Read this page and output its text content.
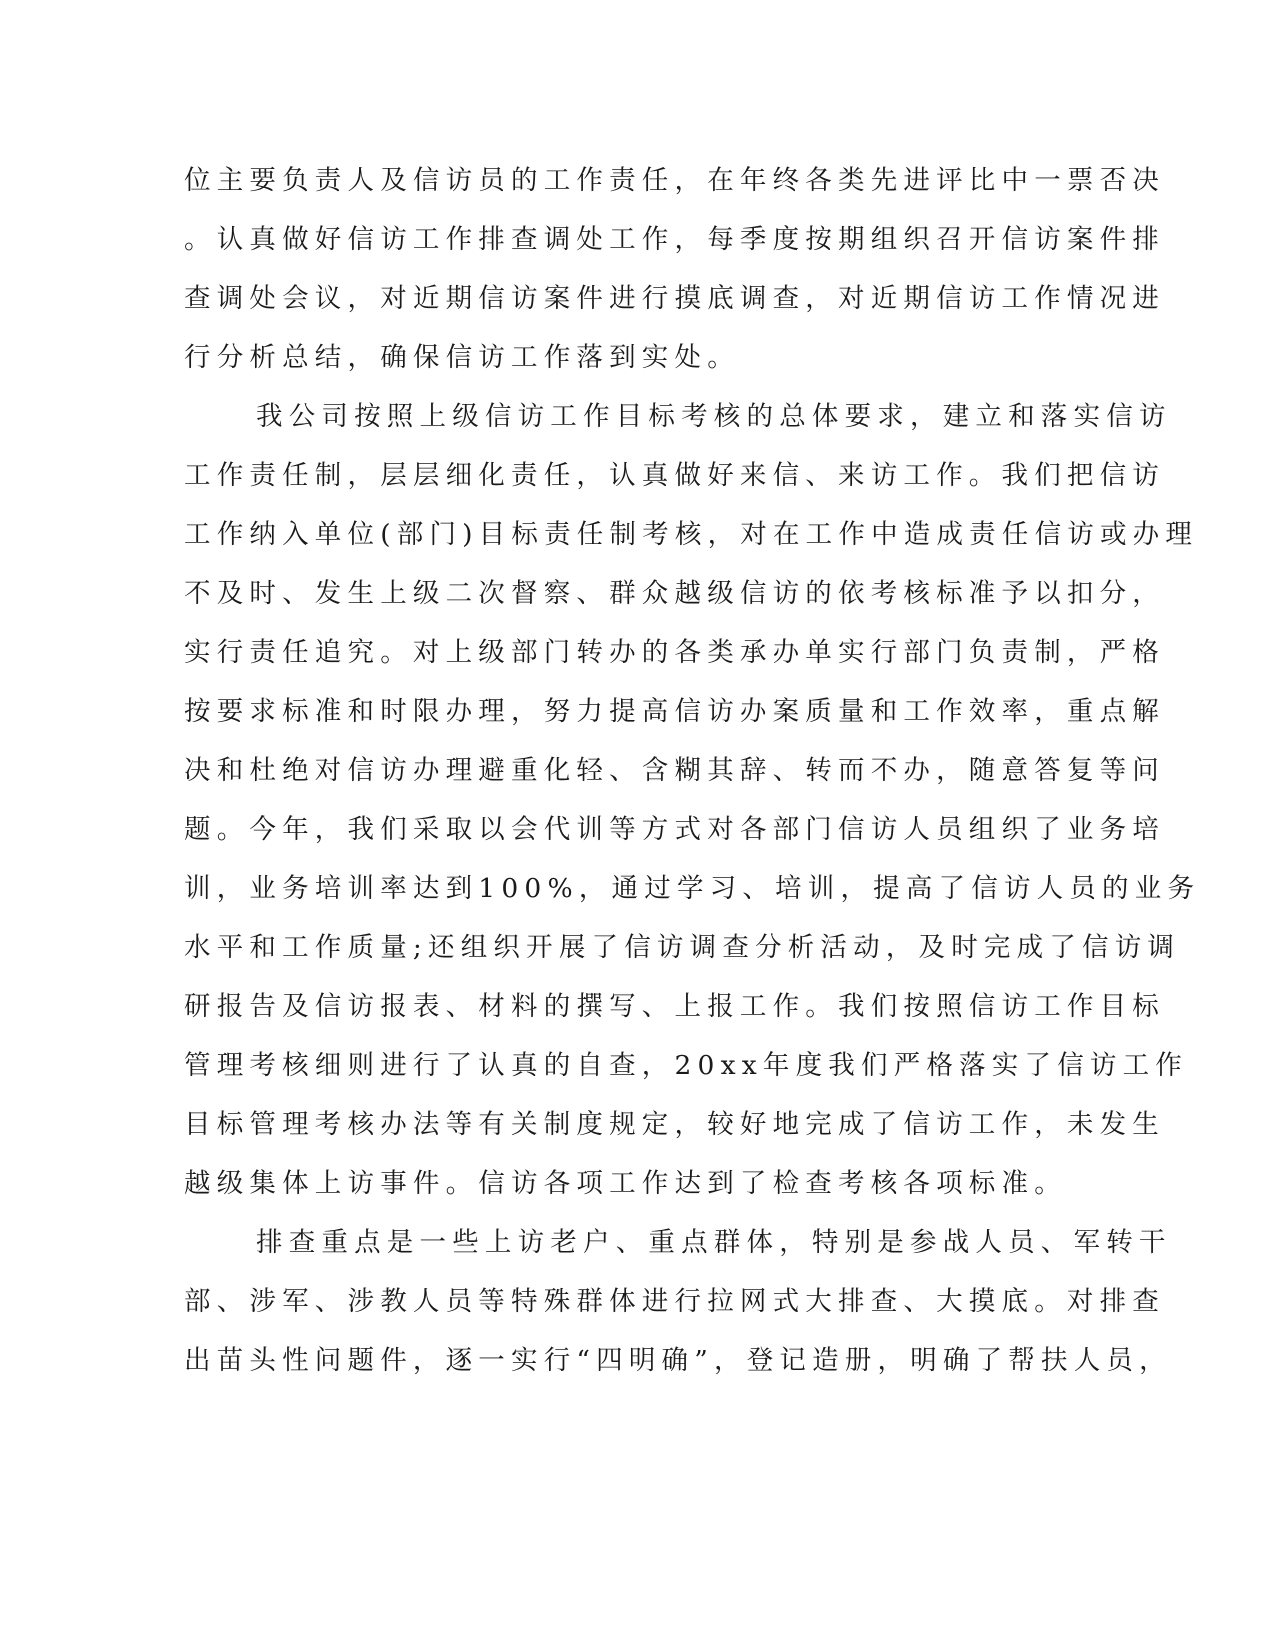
位主要负责人及信访员的工作责任，在年终各类先进评比中一票否决

。认真做好信访工作排查调处工作，每季度按期组织召开信访案件排

查调处会议，对近期信访案件进行摸底调查，对近期信访工作情况进

行分析总结，确保信访工作落到实处。

我公司按照上级信访工作目标考核的总体要求，建立和落实信访

工作责任制，层层细化责任，认真做好来信、来访工作。我们把信访

工作纳入单位(部门)目标责任制考核，对在工作中造成责任信访或办理

不及时、发生上级二次督察、群众越级信访的依考核标准予以扣分，

实行责任追究。对上级部门转办的各类承办单实行部门负责制，严格

按要求标准和时限办理，努力提高信访办案质量和工作效率，重点解

决和杜绝对信访办理避重化轻、含糊其辞、转而不办，随意答复等问

题。今年，我们采取以会代训等方式对各部门信访人员组织了业务培

训，业务培训率达到100%，通过学习、培训，提高了信访人员的业务

水平和工作质量;还组织开展了信访调查分析活动，及时完成了信访调

研报告及信访报表、材料的撰写、上报工作。我们按照信访工作目标

管理考核细则进行了认真的自查，20xx年度我们严格落实了信访工作

目标管理考核办法等有关制度规定，较好地完成了信访工作，未发生

越级集体上访事件。信访各项工作达到了检查考核各项标准。

排查重点是一些上访老户、重点群体，特别是参战人员、军转干

部、涉军、涉教人员等特殊群体进行拉网式大排查、大摸底。对排查

出苗头性问题件，逐一实行“四明确”，登记造册，明确了帮扶人员，
